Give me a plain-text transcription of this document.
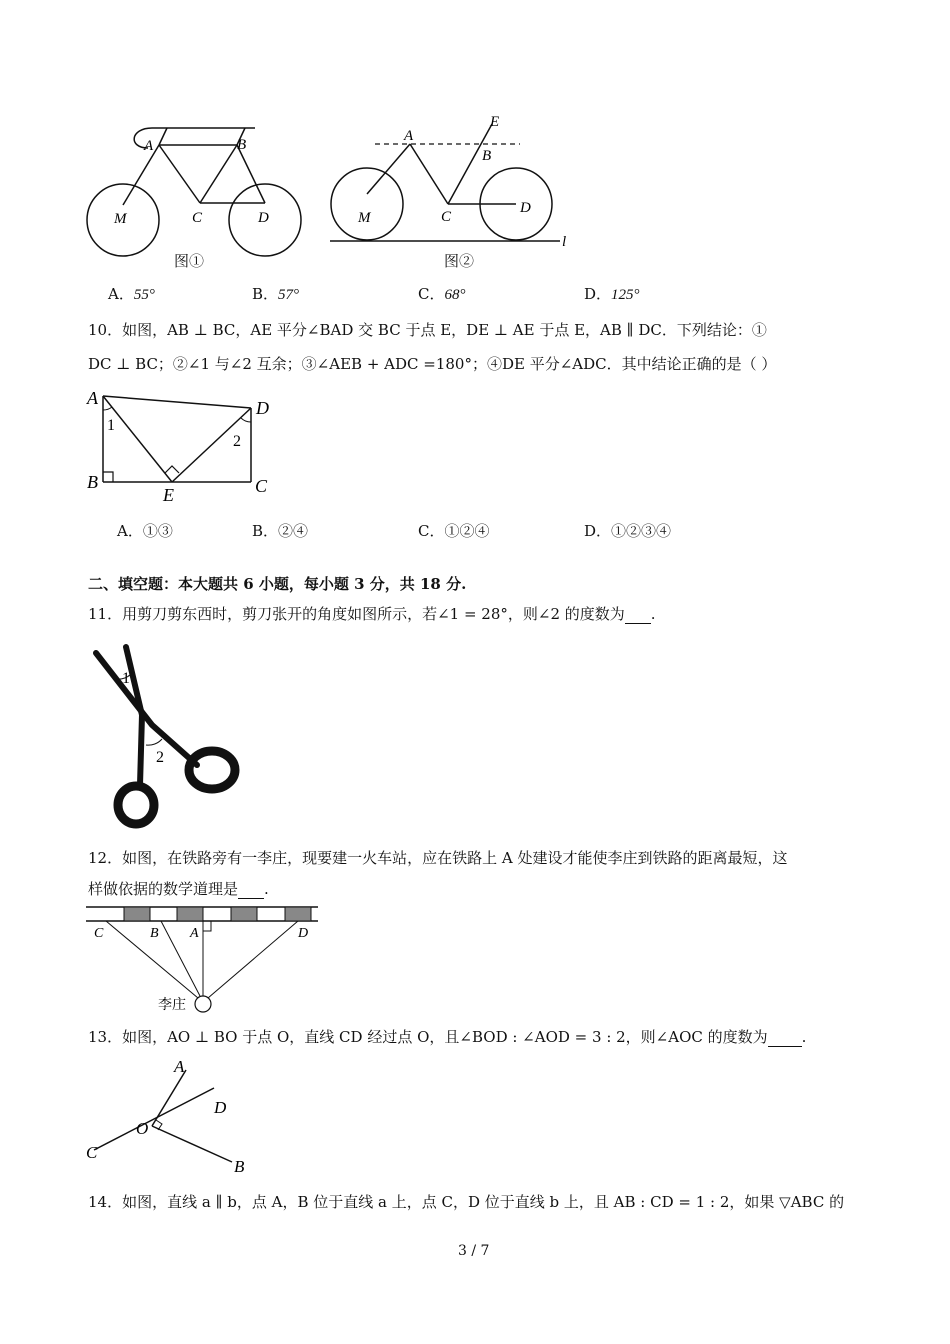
A	B
C	D
M
图①
A
B
C
D
M
E
l
图②
A．55°	B．57°	C．68°	D．125°
10．如图，AB ⊥ BC，AE 平分∠BAD 交 BC 于点 E，DE ⊥ AE 于点 E，AB ∥ DC．下列结论：①
DC ⊥ BC；②∠1 与∠2 互余；③∠AEB + ADC =180°；④DE 平分∠ADC．其中结论正确的是（ ）
A
B	C
D
E
1
2
A．①③	B．②④	C．①②④	D．①②③④
二、填空题：本大题共 6 小题，每小题 3 分，共 18 分.
11．用剪刀剪东西时，剪刀张开的角度如图所示，若∠1 = 28°，则∠2 的度数为 .
1
2
12．如图，在铁路旁有一李庄，现要建一火车站，应在铁路上 A 处建设才能使李庄到铁路的距离最短，这
样做依据的数学道理是 .
C	B A	D
李庄
13．如图，AO ⊥ BO 于点 O，直线 CD 经过点 O，且∠BOD : ∠AOD = 3 : 2，则∠AOC 的度数为 .
A
D
O
C
B
14．如图，直线 a ∥ b，点 A，B 位于直线 a 上，点 C，D 位于直线 b 上，且 AB : CD = 1 : 2，如果 ▽ABC 的
3 / 7
